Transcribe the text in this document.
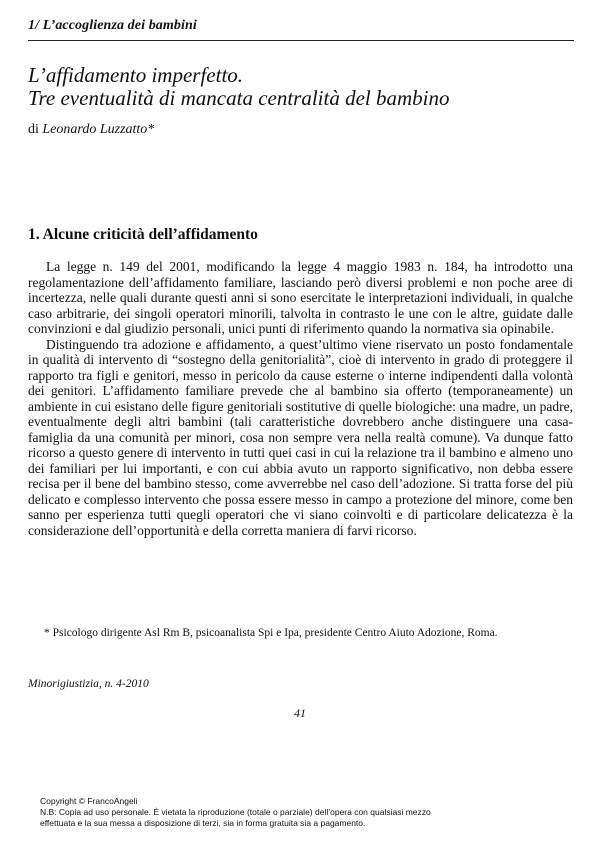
1/ L’accoglienza dei bambini
L’affidamento imperfetto.
Tre eventualità di mancata centralità del bambino
di Leonardo Luzzatto*
1. Alcune criticità dell’affidamento

La legge n. 149 del 2001, modificando la legge 4 maggio 1983 n. 184, ha introdotto una regolamentazione dell’affidamento familiare, lasciando però diversi problemi e non poche aree di incertezza, nelle quali durante questi anni si sono esercitate le interpretazioni individuali, in qualche caso arbitrarie, dei singoli operatori minorili, talvolta in contrasto le une con le altre, guidate dalle convinzioni e dal giudizio personali, unici punti di riferimento quando la normativa sia opinabile.

Distinguendo tra adozione e affidamento, a quest’ultimo viene riservato un posto fondamentale in qualità di intervento di “sostegno della genitorialità”, cioè di intervento in grado di proteggere il rapporto tra figli e genitori, messo in pericolo da cause esterne o interne indipendenti dalla volontà dei genitori. L’affidamento familiare prevede che al bambino sia offerto (temporaneamente) un ambiente in cui esistano delle figure genitoriali sostitutive di quelle biologiche: una madre, un padre, eventualmente degli altri bambini (tali caratteristiche dovrebbero anche distinguere una casa-famiglia da una comunità per minori, cosa non sempre vera nella realtà comune). Va dunque fatto ricorso a questo genere di intervento in tutti quei casi in cui la relazione tra il bambino e almeno uno dei familiari per lui importanti, e con cui abbia avuto un rapporto significativo, non debba essere recisa per il bene del bambino stesso, come avverrebbe nel caso dell’adozione. Si tratta forse del più delicato e complesso intervento che possa essere messo in campo a protezione del minore, come ben sanno per esperienza tutti quegli operatori che vi siano coinvolti e di particolare delicatezza è la considerazione dell’opportunità e della corretta maniera di farvi ricorso.

* Psicologo dirigente Asl Rm B, psicoanalista Spi e Ipa, presidente Centro Aiuto Adozione, Roma.
Minorigiustizia, n. 4-2010
41
Copyright © FrancoAngeli
N.B: Copia ad uso personale. È vietata la riproduzione (totale o parziale) dell’opera con qualsiasi mezzo
effettuata e la sua messa a disposizione di terzi, sia in forma gratuita sia a pagamento.
